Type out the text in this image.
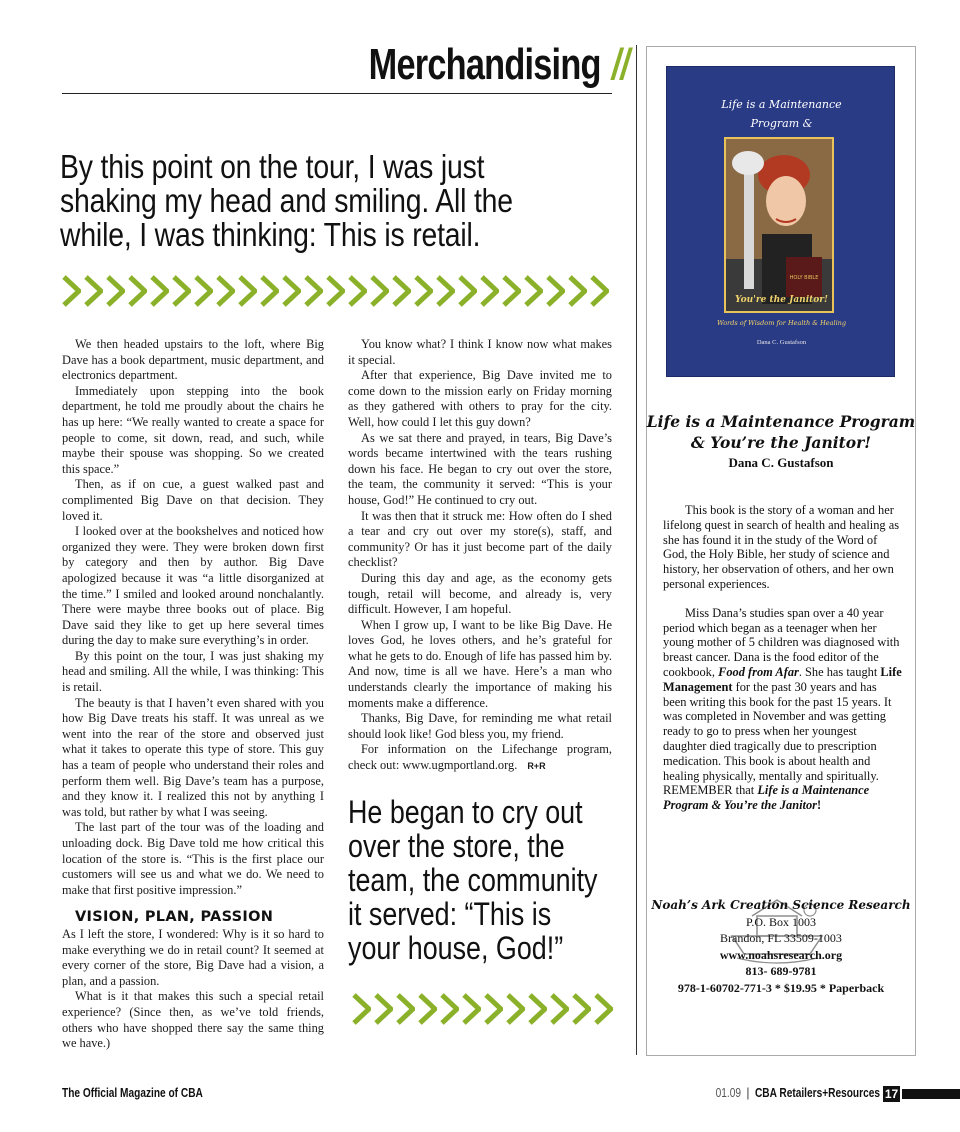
Merchandising //
By this point on the tour, I was just shaking my head and smiling. All the while, I was thinking: This is retail.

We then headed upstairs to the loft, where Big Dave has a book department, music department, and electronics department.

Immediately upon stepping into the book department, he told me proudly about the chairs he has up here: “We really wanted to create a space for people to come, sit down, read, and such, while maybe their spouse was shopping. So we created this space.”

Then, as if on cue, a guest walked past and complimented Big Dave on that decision. They loved it.

I looked over at the bookshelves and noticed how organized they were. They were broken down first by category and then by author. Big Dave apologized because it was “a little disorganized at the time.” I smiled and looked around nonchalantly. There were maybe three books out of place. Big Dave said they like to get up here several times during the day to make sure everything’s in order.

By this point on the tour, I was just shaking my head and smiling. All the while, I was thinking: This is retail.

The beauty is that I haven’t even shared with you how Big Dave treats his staff. It was unreal as we went into the rear of the store and observed just what it takes to operate this type of store. This guy has a team of people who understand their roles and perform them well. Big Dave’s team has a purpose, and they know it. I realized this not by anything I was told, but rather by what I was seeing.

The last part of the tour was of the loading and unloading dock. Big Dave told me how critical this location of the store is. “This is the first place our customers will see us and what we do. We need to make that first positive impression.”

VISION, PLAN, PASSION

As I left the store, I wondered: Why is it so hard to make everything we do in retail count? It seemed at every corner of the store, Big Dave had a vision, a plan, and a passion.

What is it that makes this such a special retail experience? (Since then, as we’ve told friends, others who have shopped there say the same thing we have.)

You know what? I think I know now what makes it special.

After that experience, Big Dave invited me to come down to the mission early on Friday morning as they gathered with others to pray for the city. Well, how could I let this guy down?

As we sat there and prayed, in tears, Big Dave’s words became intertwined with the tears rushing down his face. He began to cry out over the store, the team, the community it served: “This is your house, God!” He continued to cry out.

It was then that it struck me: How often do I shed a tear and cry out over my store(s), staff, and community? Or has it just become part of the daily checklist?

During this day and age, as the economy gets tough, retail will become, and already is, very difficult. However, I am hopeful.

When I grow up, I want to be like Big Dave. He loves God, he loves others, and he’s grateful for what he gets to do. Enough of life has passed him by. And now, time is all we have. Here’s a man who understands clearly the importance of making his moments make a difference.

Thanks, Big Dave, for reminding me what retail should look like! God bless you, my friend.

For information on the Lifechange program, check out: www.ugmportland.org. R+R

He began to cry out over the store, the team, the community it served: “This is your house, God!”
Life is a Maintenance
Program &
HOLY BIBLE
You're the Janitor!
Words of Wisdom for Health & Healing
Dana C. Gustafson
Life is a Maintenance Program
& You’re the Janitor!
Dana C. Gustafson

This book is the story of a woman and her lifelong quest in search of health and healing as she has found it in the study of the Word of God, the Holy Bible, her study of science and history, her observation of others, and her own personal experiences.

Miss Dana’s studies span over a 40 year period which began as a teenager when her young mother of 5 children was diagnosed with breast cancer. Dana is the food editor of the cookbook, Food from Afar. She has taught Life Management for the past 30 years and has been writing this book for the past 15 years. It was completed in November and was getting ready to go to press when her youngest daughter died tragically due to prescription medication. This book is about health and healing physically, mentally and spiritually. REMEMBER that Life is a Maintenance Program & You’re the Janitor!

Noah’s Ark Creation Science Research
P.O. Box 1003
Brandon, FL 33509-1003
www.noahsresearch.org
813- 689-9781
978-1-60702-771-3 * $19.95 * Paperback
The Official Magazine of CBA	01.09 | CBA Retailers+Resources 17
